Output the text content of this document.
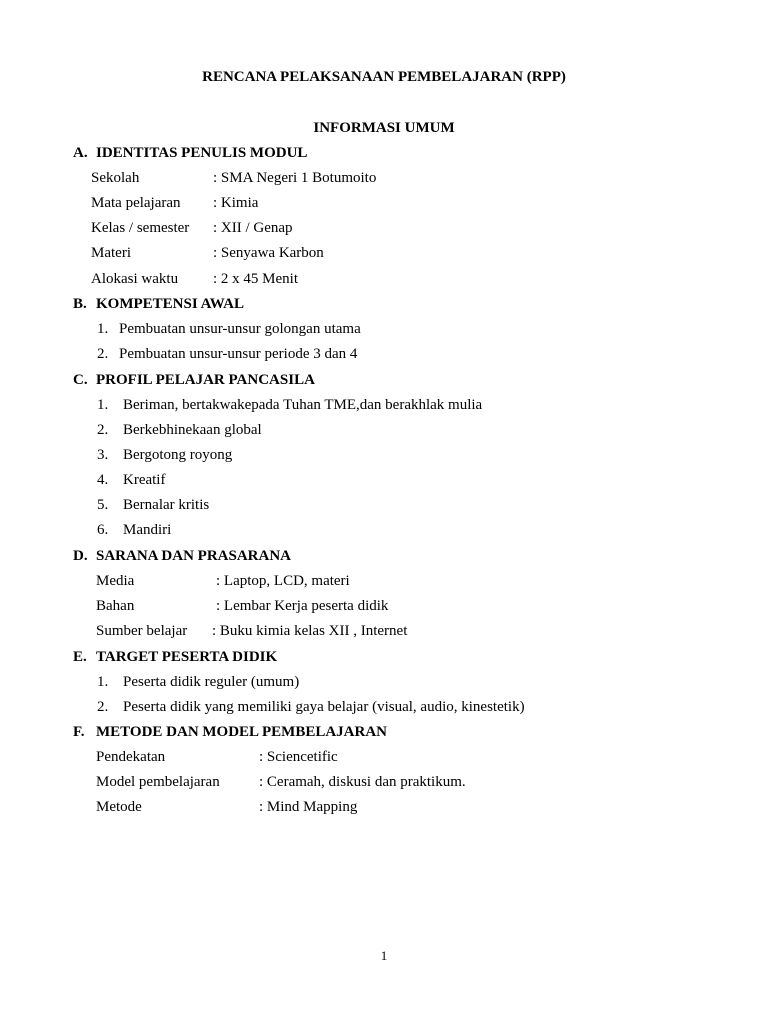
RENCANA PELAKSANAAN PEMBELAJARAN (RPP)
INFORMASI UMUM
A. IDENTITAS PENULIS MODUL
Sekolah	: SMA Negeri 1 Botumoito
Mata pelajaran : Kimia
Kelas / semester : XII / Genap
Materi	: Senyawa Karbon
Alokasi waktu : 2 x 45 Menit
B. KOMPETENSI AWAL
1. Pembuatan unsur-unsur golongan utama
2. Pembuatan unsur-unsur periode 3 dan 4
C. PROFIL PELAJAR PANCASILA
1. Beriman, bertakwakepada Tuhan TME,dan berakhlak mulia
2. Berkebhinekaan global
3. Bergotong royong
4. Kreatif
5. Bernalar kritis
6. Mandiri
D. SARANA DAN PRASARANA
Media	: Laptop, LCD, materi
Bahan	: Lembar Kerja peserta didik
Sumber belajar : Buku kimia kelas XII , Internet
E. TARGET PESERTA DIDIK
1. Peserta didik reguler (umum)
2. Peserta didik yang memiliki gaya belajar (visual, audio, kinestetik)
F. METODE DAN MODEL PEMBELAJARAN
Pendekatan	: Sciencetific
Model pembelajaran	: Ceramah, diskusi dan praktikum.
Metode	: Mind Mapping
1
